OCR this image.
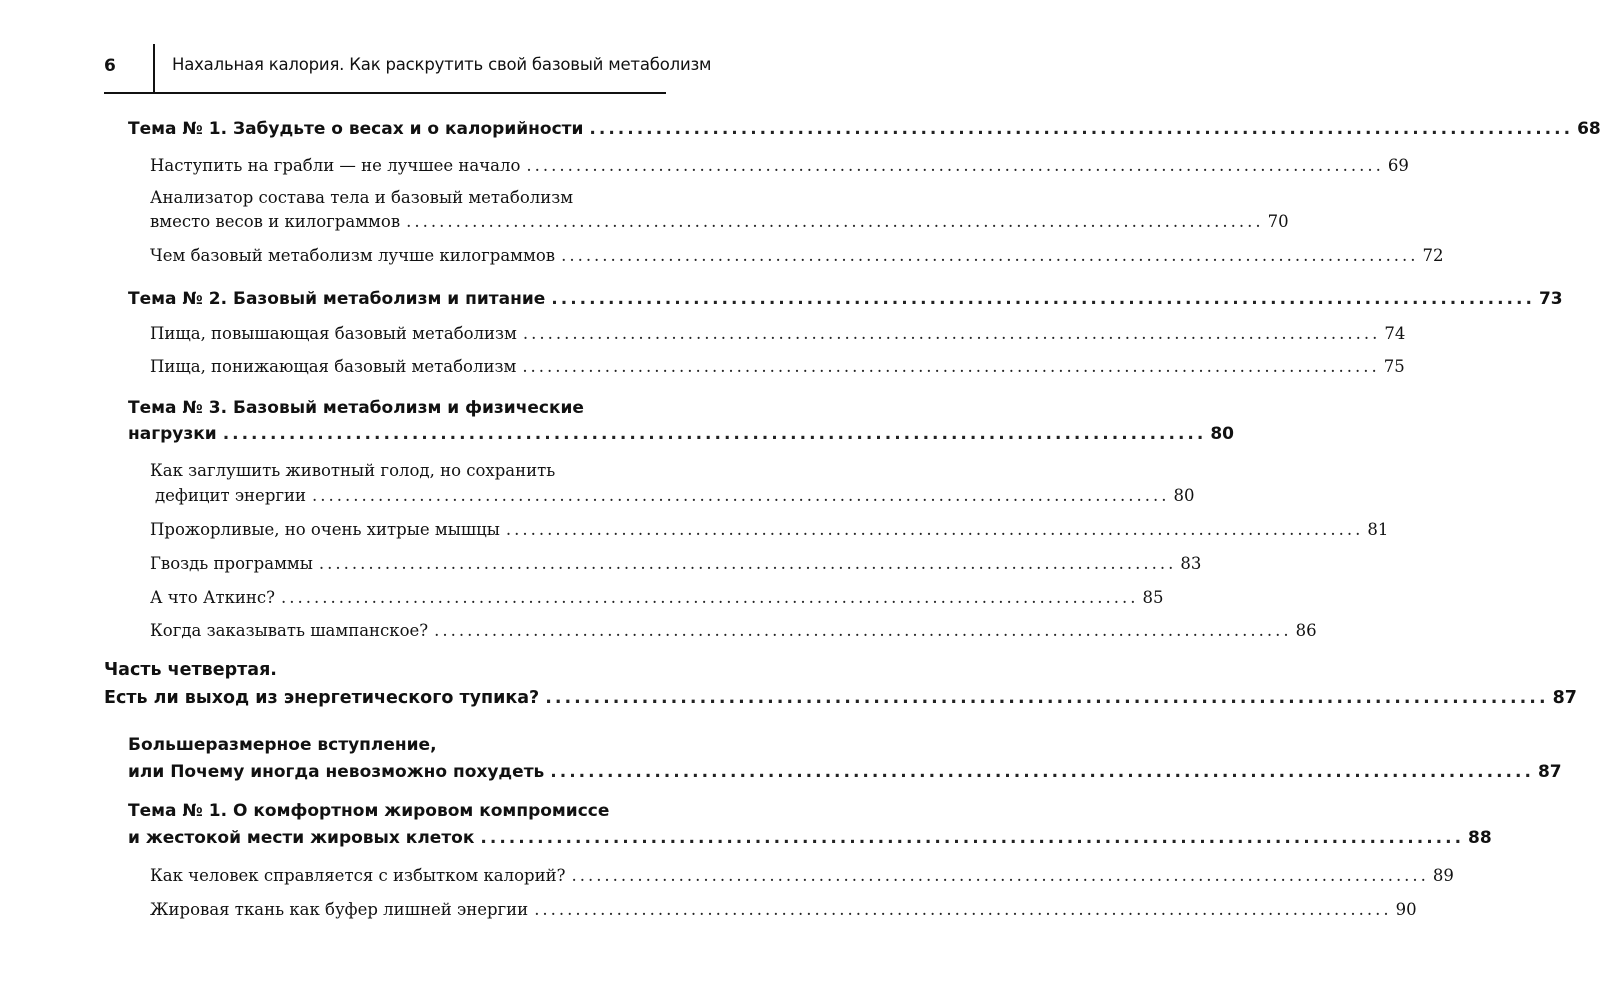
6	Нахальная калория. Как раскрутить свой базовый метаболизм
Тема № 1. Забудьте о весах и о калорийности ........................................................................................................ 68
Наступить на грабли — не лучшее начало ........................................................................................................ 69
Анализатор состава тела и базовый метаболизм
вместо весов и килограммов ........................................................................................................ 70
Чем базовый метаболизм лучше килограммов ........................................................................................................ 72
Тема № 2. Базовый метаболизм и питание ........................................................................................................ 73
Пища, повышающая базовый метаболизм ........................................................................................................ 74
Пища, понижающая базовый метаболизм ........................................................................................................ 75
Тема № 3. Базовый метаболизм и физические
нагрузки ........................................................................................................ 80
Как заглушить животный голод, но сохранить
дефицит энергии ........................................................................................................ 80
Прожорливые, но очень хитрые мышцы ........................................................................................................ 81
Гвоздь программы ........................................................................................................ 83
А что Аткинс? ........................................................................................................ 85
Когда заказывать шампанское? ........................................................................................................ 86
Часть четвертая.
Есть ли выход из энергетического тупика? ........................................................................................................ 87
Большеразмерное вступление,
или Почему иногда невозможно похудеть ........................................................................................................ 87
Тема № 1. О комфортном жировом компромиссе
и жестокой мести жировых клеток ........................................................................................................ 88
Как человек справляется с избытком калорий? ........................................................................................................ 89
Жировая ткань как буфер лишней энергии ........................................................................................................ 90
